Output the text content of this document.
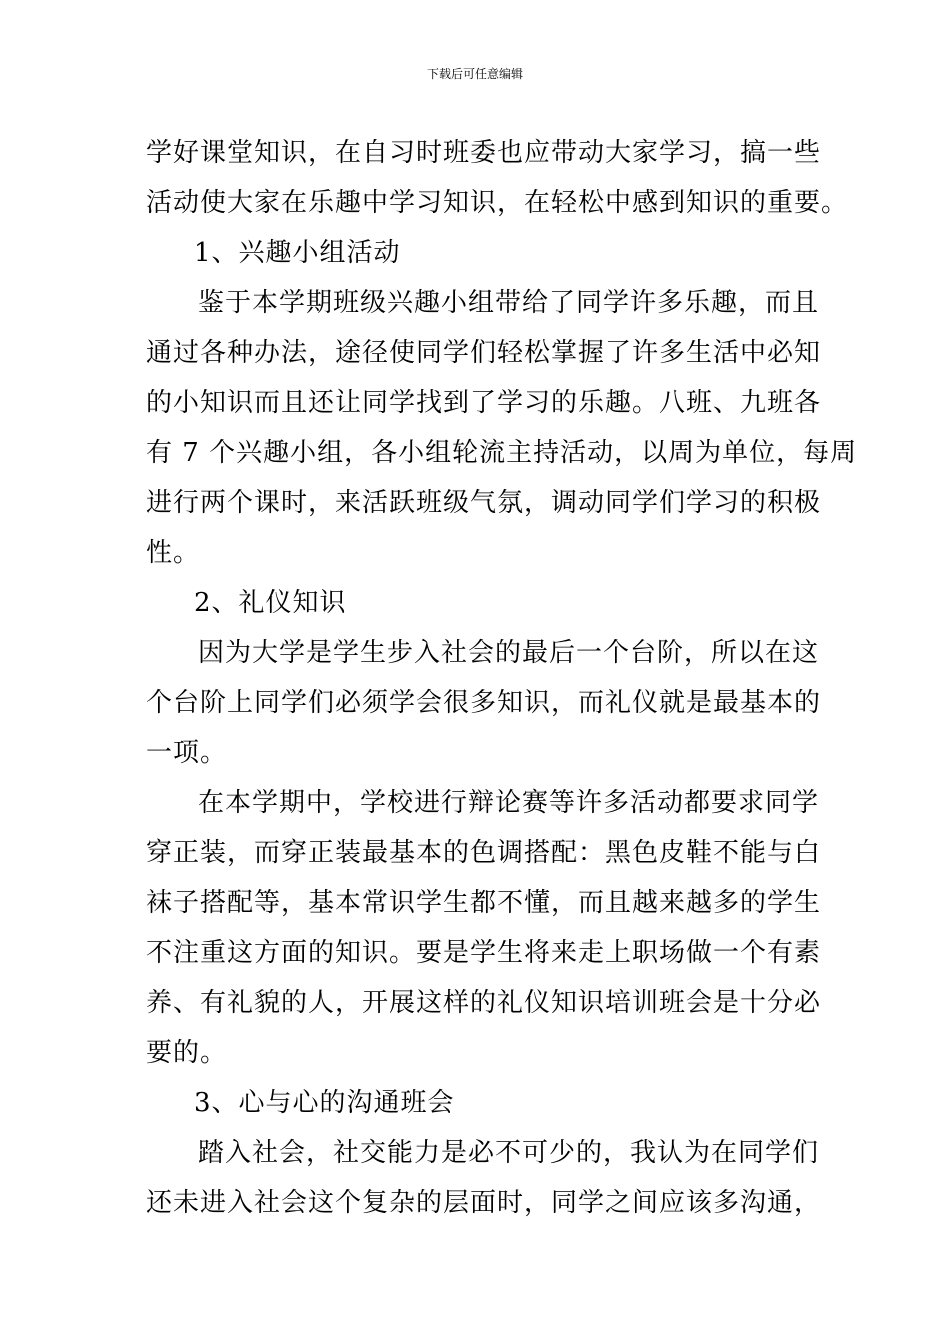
下载后可任意编辑
学好课堂知识，在自习时班委也应带动大家学习，搞一些
活动使大家在乐趣中学习知识，在轻松中感到知识的重要。
1、兴趣小组活动
鉴于本学期班级兴趣小组带给了同学许多乐趣，而且
通过各种办法，途径使同学们轻松掌握了许多生活中必知
的小知识而且还让同学找到了学习的乐趣。八班、九班各
有 7 个兴趣小组，各小组轮流主持活动，以周为单位，每周
进行两个课时，来活跃班级气氛，调动同学们学习的积极
性。
2、礼仪知识
因为大学是学生步入社会的最后一个台阶，所以在这
个台阶上同学们必须学会很多知识，而礼仪就是最基本的
一项。
在本学期中，学校进行辩论赛等许多活动都要求同学
穿正装，而穿正装最基本的色调搭配：黑色皮鞋不能与白
袜子搭配等，基本常识学生都不懂，而且越来越多的学生
不注重这方面的知识。要是学生将来走上职场做一个有素
养、有礼貌的人，开展这样的礼仪知识培训班会是十分必
要的。
3、心与心的沟通班会
踏入社会，社交能力是必不可少的，我认为在同学们
还未进入社会这个复杂的层面时，同学之间应该多沟通，
